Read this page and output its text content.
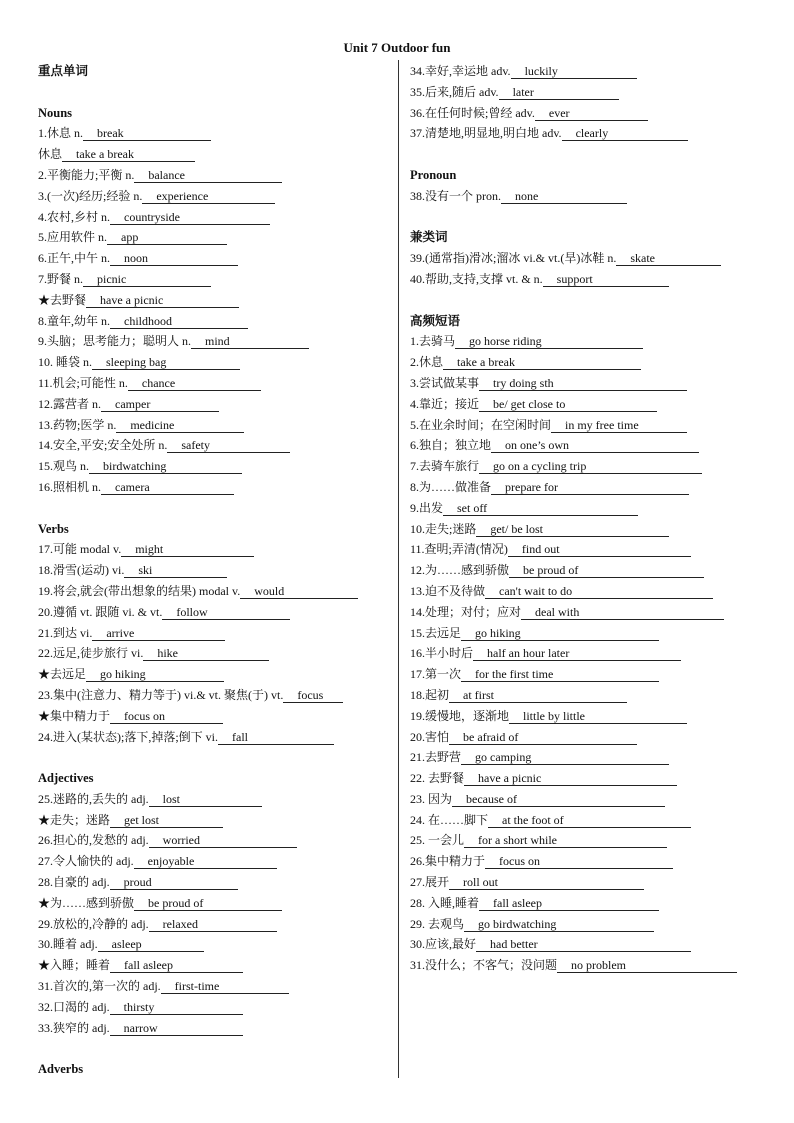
Unit 7 Outdoor fun
重点单词
Nouns
1.休息 n. break
休息 take a break
2.平衡能力;平衡 n. balance
3.(一次)经历;经验 n. experience
4.农村,乡村 n. countryside
5.应用软件 n. app
6.正午,中午 n. noon
7.野餐 n. picnic
★去野餐 have a picnic
8.童年,幼年 n. childhood
9.头脑；思考能力；聪明人 n. mind
10. 睡袋 n. sleeping bag
11.机会;可能性 n. chance
12.露营者 n. camper
13.药物;医学 n. medicine
14.安全,平安;安全处所 n. safety
15.观鸟 n. birdwatching
16.照相机 n. camera
Verbs
17.可能 modal v. might
18.滑雪(运动) vi. ski
19.将会,就会(带出想象的结果) modal v. would
20.遵循 vt. 跟随 vi. & vt. follow
21.到达 vi. arrive
22.远足,徒步旅行 vi. hike
★去远足 go hiking
23.集中(注意力、精力等于) vi.& vt. 聚焦(于) vt. focus
★集中精力于 focus on
24.进入(某状态);落下,掉落;倒下 vi. fall
Adjectives
25.迷路的,丢失的 adj. lost
★走失；迷路 get lost
26.担心的,发愁的 adj. worried
27.令人愉快的 adj. enjoyable
28.自豪的 adj. proud
★为……感到骄傲 be proud of
29.放松的,冷静的 adj. relaxed
30.睡着 adj. asleep
★入睡；睡着 fall asleep
31.首次的,第一次的 adj. first-time
32.口渴的 adj. thirsty
33.狭窄的 adj. narrow
Adverbs
34.幸好,幸运地 adv. luckily
35.后来,随后 adv. later
36.在任何时候;曾经 adv. ever
37.清楚地,明显地,明白地 adv. clearly
Pronoun
38.没有一个 pron. none
兼类词
39.(通常指)滑冰;溜冰 vi.& vt.(旱)冰鞋 n. skate
40.帮助,支持,支撑 vt. & n. support
高频短语
1.去骑马 go horse riding
2.休息 take a break
3.尝试做某事 try doing sth
4.靠近；接近 be/ get close to
5.在业余时间；在空闲时间 in my free time
6.独自；独立地 on one’s own
7.去骑车旅行 go on a cycling trip
8.为……做准备 prepare for
9.出发 set off
10.走失;迷路 get/ be lost
11.查明;弄清(情况) find out
12.为……感到骄傲 be proud of
13.迫不及待做 can't wait to do
14.处理；对付；应对 deal with
15.去远足 go hiking
16.半小时后 half an hour later
17.第一次 for the first time
18.起初 at first
19.缓慢地，逐渐地 little by little
20.害怕 be afraid of
21.去野营 go camping
22. 去野餐 have a picnic
23. 因为 because of
24. 在……脚下 at the foot of
25. 一会儿 for a short while
26.集中精力于 focus on
27.展开 roll out
28. 入睡,睡着 fall asleep
29. 去观鸟 go birdwatching
30.应该,最好 had better
31.没什么；不客气；没问题 no problem
